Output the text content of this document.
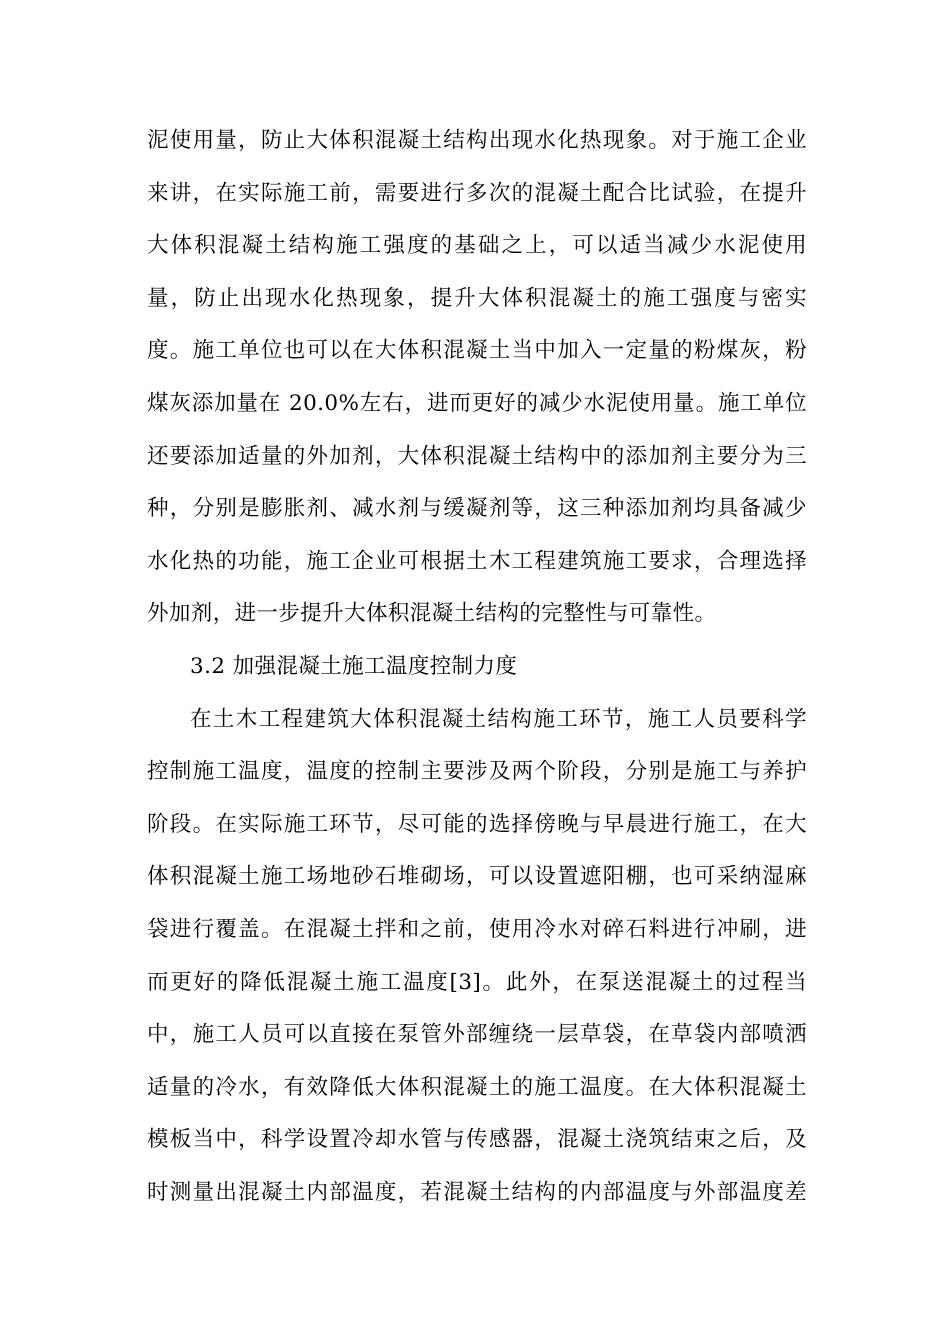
泥使用量，防止大体积混凝土结构出现水化热现象。对于施工企业
来讲，在实际施工前，需要进行多次的混凝土配合比试验，在提升
大体积混凝土结构施工强度的基础之上，可以适当减少水泥使用
量，防止出现水化热现象，提升大体积混凝土的施工强度与密实
度。施工单位也可以在大体积混凝土当中加入一定量的粉煤灰，粉
煤灰添加量在 20.0%左右，进而更好的减少水泥使用量。施工单位
还要添加适量的外加剂，大体积混凝土结构中的添加剂主要分为三
种，分别是膨胀剂、减水剂与缓凝剂等，这三种添加剂均具备减少
水化热的功能，施工企业可根据土木工程建筑施工要求，合理选择
外加剂，进一步提升大体积混凝土结构的完整性与可靠性。
3.2 加强混凝土施工温度控制力度
在土木工程建筑大体积混凝土结构施工环节，施工人员要科学
控制施工温度，温度的控制主要涉及两个阶段，分别是施工与养护
阶段。在实际施工环节，尽可能的选择傍晚与早晨进行施工，在大
体积混凝土施工场地砂石堆砌场，可以设置遮阳棚，也可采纳湿麻
袋进行覆盖。在混凝土拌和之前，使用冷水对碎石料进行冲刷，进
而更好的降低混凝土施工温度[3]。此外，在泵送混凝土的过程当
中，施工人员可以直接在泵管外部缠绕一层草袋，在草袋内部喷洒
适量的冷水，有效降低大体积混凝土的施工温度。在大体积混凝土
模板当中，科学设置冷却水管与传感器，混凝土浇筑结束之后，及
时测量出混凝土内部温度，若混凝土结构的内部温度与外部温度差
